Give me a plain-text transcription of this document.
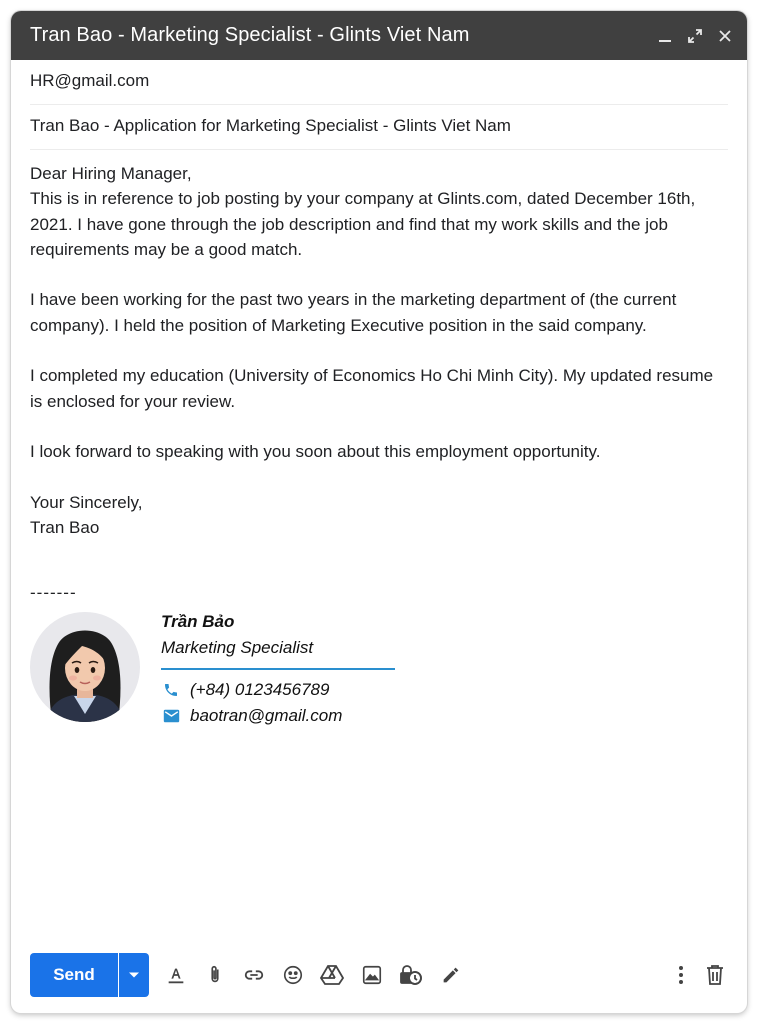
Tran Bao - Marketing Specialist - Glints Viet Nam
HR@gmail.com
Tran Bao - Application for Marketing Specialist - Glints Viet Nam

Dear Hiring Manager,

This is in reference to job posting by your company at Glints.com, dated December 16th, 2021. I have gone through the job description and find that my work skills and the job requirements may be a good match.

I have been working for the past two years in the marketing department of (the current company). I held the position of Marketing Executive position in the said company.

I completed my education (University of Economics Ho Chi Minh City). My updated resume is enclosed for your review.

I look forward to speaking with you soon about this employment opportunity.

Your Sincerely,

Tran Bao

-------
Trần Bảo
Marketing Specialist
(+84) 0123456789
baotran@gmail.com
Send
